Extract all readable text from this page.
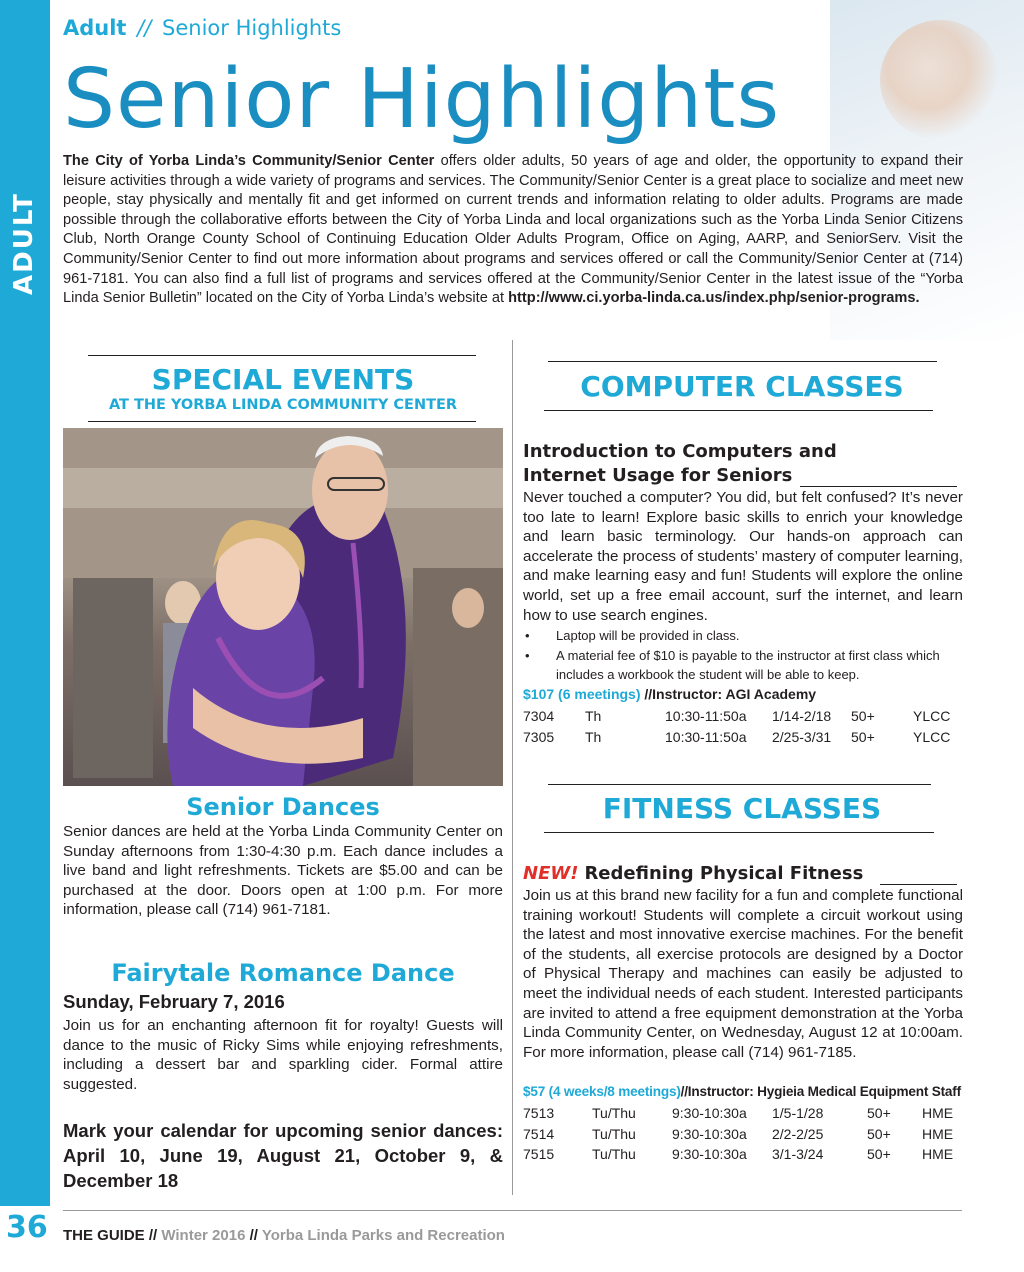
ADULT
Adult // Senior Highlights
Senior Highlights
The City of Yorba Linda’s Community/Senior Center offers older adults, 50 years of age and older, the opportunity to expand their leisure activities through a wide variety of programs and services. The Community/Senior Center is a great place to socialize and meet new people, stay physically and mentally fit and get informed on current trends and information relating to older adults. Programs are made possible through the collaborative efforts between the City of Yorba Linda and local organizations such as the Yorba Linda Senior Citizens Club, North Orange County School of Continuing Education Older Adults Program, Office on Aging, AARP, and SeniorServ. Visit the Community/Senior Center to find out more information about programs and services offered or call the Community/Senior Center at (714) 961-7181. You can also find a full list of programs and services offered at the Community/Senior Center in the latest issue of the “Yorba Linda Senior Bulletin” located on the City of Yorba Linda’s website at http://www.ci.yorba-linda.ca.us/index.php/senior-programs.
SPECIAL EVENTS
AT THE YORBA LINDA COMMUNITY CENTER
Senior Dances
Senior dances are held at the Yorba Linda Community Center on Sunday afternoons from 1:30-4:30 p.m. Each dance includes a live band and light refreshments. Tickets are $5.00 and can be purchased at the door. Doors open at 1:00 p.m. For more information, please call (714) 961-7181.
Fairytale Romance Dance
Sunday, February 7, 2016
Join us for an enchanting afternoon fit for royalty! Guests will dance to the music of Ricky Sims while enjoying refreshments, including a dessert bar and sparkling cider. Formal attire suggested.
Mark your calendar for upcoming senior dances: April 10, June 19, August 21, October 9, & December 18
COMPUTER CLASSES
Introduction to Computers and
Internet Usage for Seniors
Never touched a computer? You did, but felt confused? It’s never too late to learn! Explore basic skills to enrich your knowledge and learn basic terminology. Our hands-on approach can accelerate the process of students’ mastery of computer learning, and make learning easy and fun! Students will explore the online world, set up a free email account, surf the internet, and learn how to use search engines.
• Laptop will be provided in class.
• A material fee of $10 is payable to the instructor at first class which includes a workbook the student will be able to keep.
$107 (6 meetings) //Instructor: AGI Academy
7304	Th	10:30-11:50a	1/14-2/18	50+	YLCC
7305	Th	10:30-11:50a	2/25-3/31	50+	YLCC
FITNESS CLASSES
NEW! Redefining Physical Fitness
Join us at this brand new facility for a fun and complete functional training workout! Students will complete a circuit workout using the latest and most innovative exercise machines. For the benefit of the students, all exercise protocols are designed by a Doctor of Physical Therapy and machines can easily be adjusted to meet the individual needs of each student. Interested participants are invited to attend a free equipment demonstration at the Yorba Linda Community Center, on Wednesday, August 12 at 10:00am. For more information, please call (714) 961-7185.
$57 (4 weeks/8 meetings)//Instructor: Hygieia Medical Equipment Staff
7513	Tu/Thu	9:30-10:30a	1/5-1/28	50+	HME
7514	Tu/Thu	9:30-10:30a	2/2-2/25	50+	HME
7515	Tu/Thu	9:30-10:30a	3/1-3/24	50+	HME
36 THE GUIDE // Winter 2016 // Yorba Linda Parks and Recreation
